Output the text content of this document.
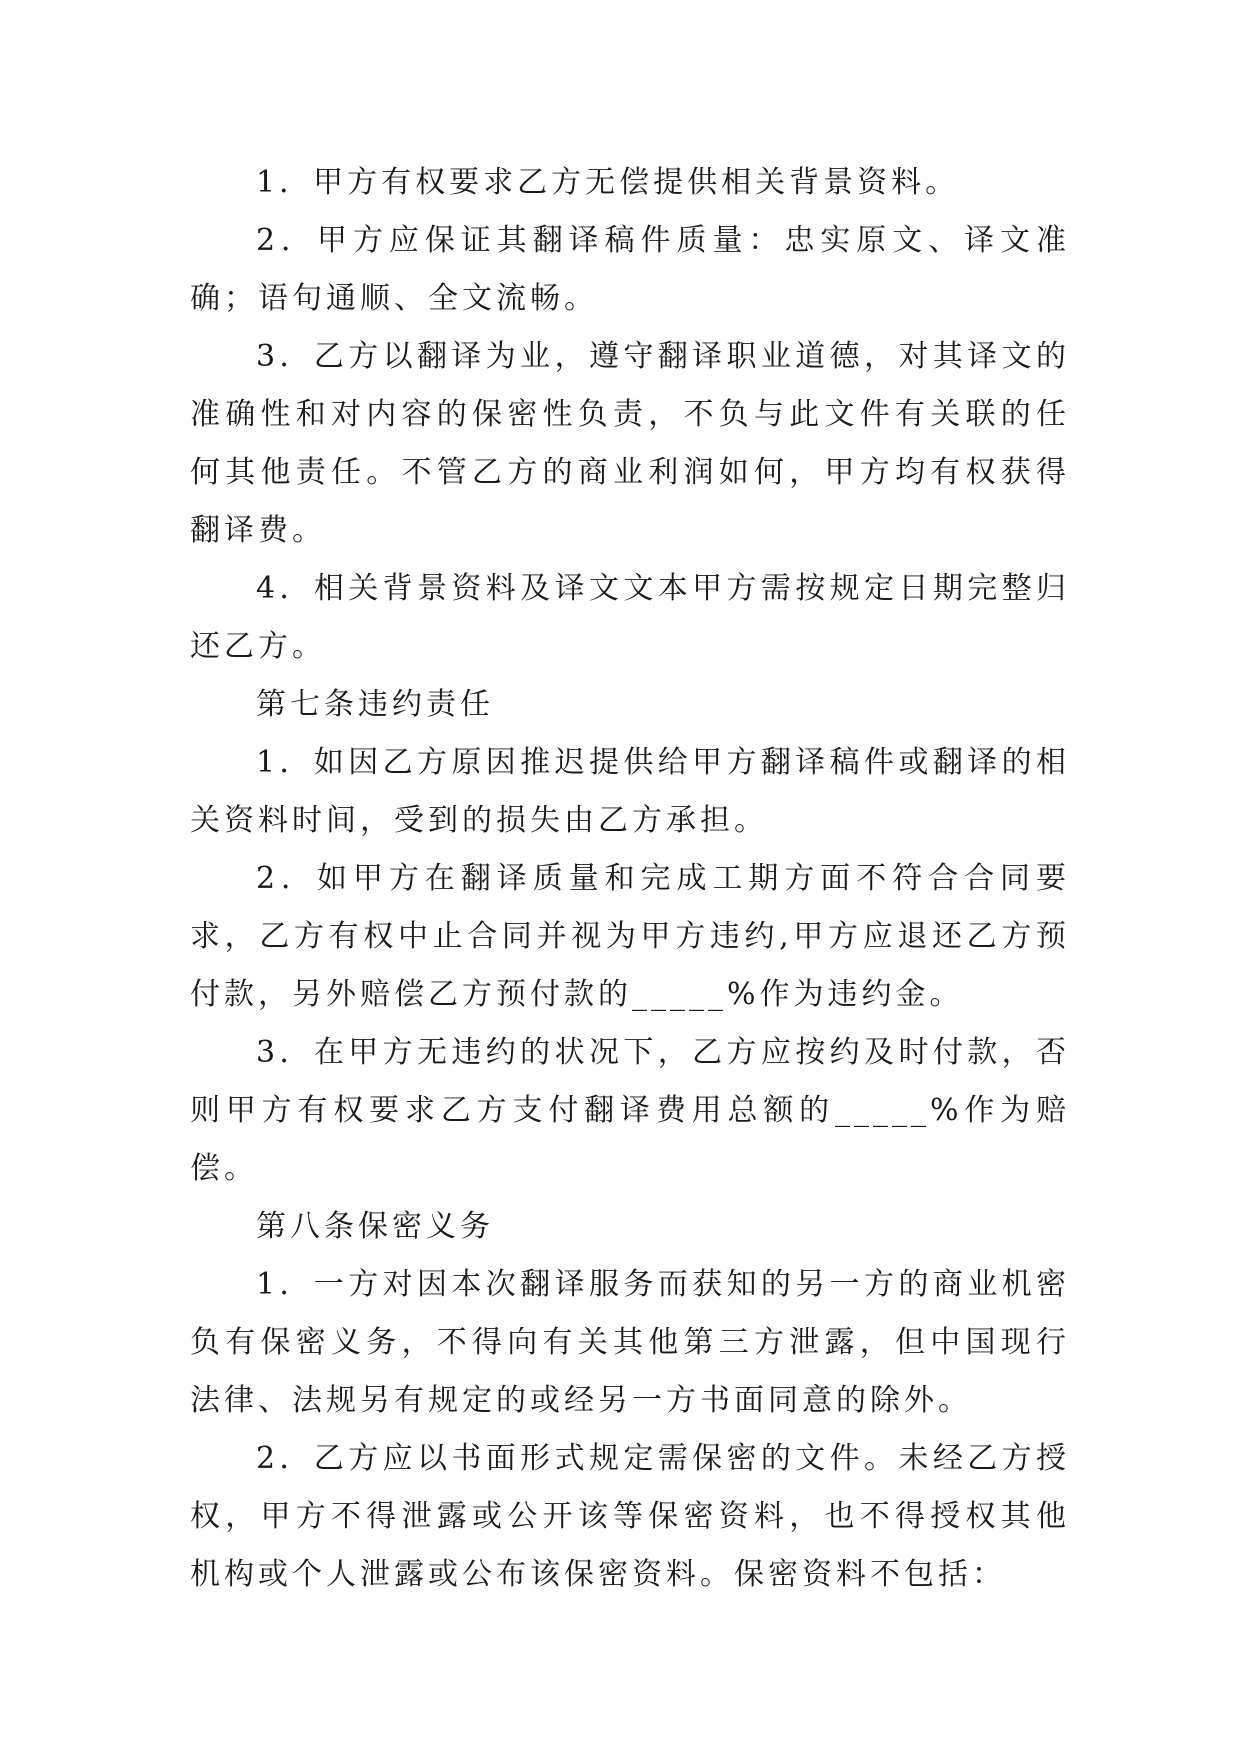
1．甲方有权要求乙方无偿提供相关背景资料。

2．甲方应保证其翻译稿件质量：忠实原文、译文准确；语句通顺、全文流畅。

3．乙方以翻译为业，遵守翻译职业道德，对其译文的准确性和对内容的保密性负责，不负与此文件有关联的任何其他责任。不管乙方的商业利润如何，甲方均有权获得翻译费。

4．相关背景资料及译文文本甲方需按规定日期完整归还乙方。

第七条违约责任

1．如因乙方原因推迟提供给甲方翻译稿件或翻译的相关资料时间，受到的损失由乙方承担。

2．如甲方在翻译质量和完成工期方面不符合合同要求，乙方有权中止合同并视为甲方违约,甲方应退还乙方预付款，另外赔偿乙方预付款的_____%作为违约金。

3．在甲方无违约的状况下，乙方应按约及时付款，否则甲方有权要求乙方支付翻译费用总额的_____%作为赔偿。

第八条保密义务

1．一方对因本次翻译服务而获知的另一方的商业机密负有保密义务，不得向有关其他第三方泄露，但中国现行法律、法规另有规定的或经另一方书面同意的除外。

2．乙方应以书面形式规定需保密的文件。未经乙方授权，甲方不得泄露或公开该等保密资料，也不得授权其他机构或个人泄露或公布该保密资料。保密资料不包括：
